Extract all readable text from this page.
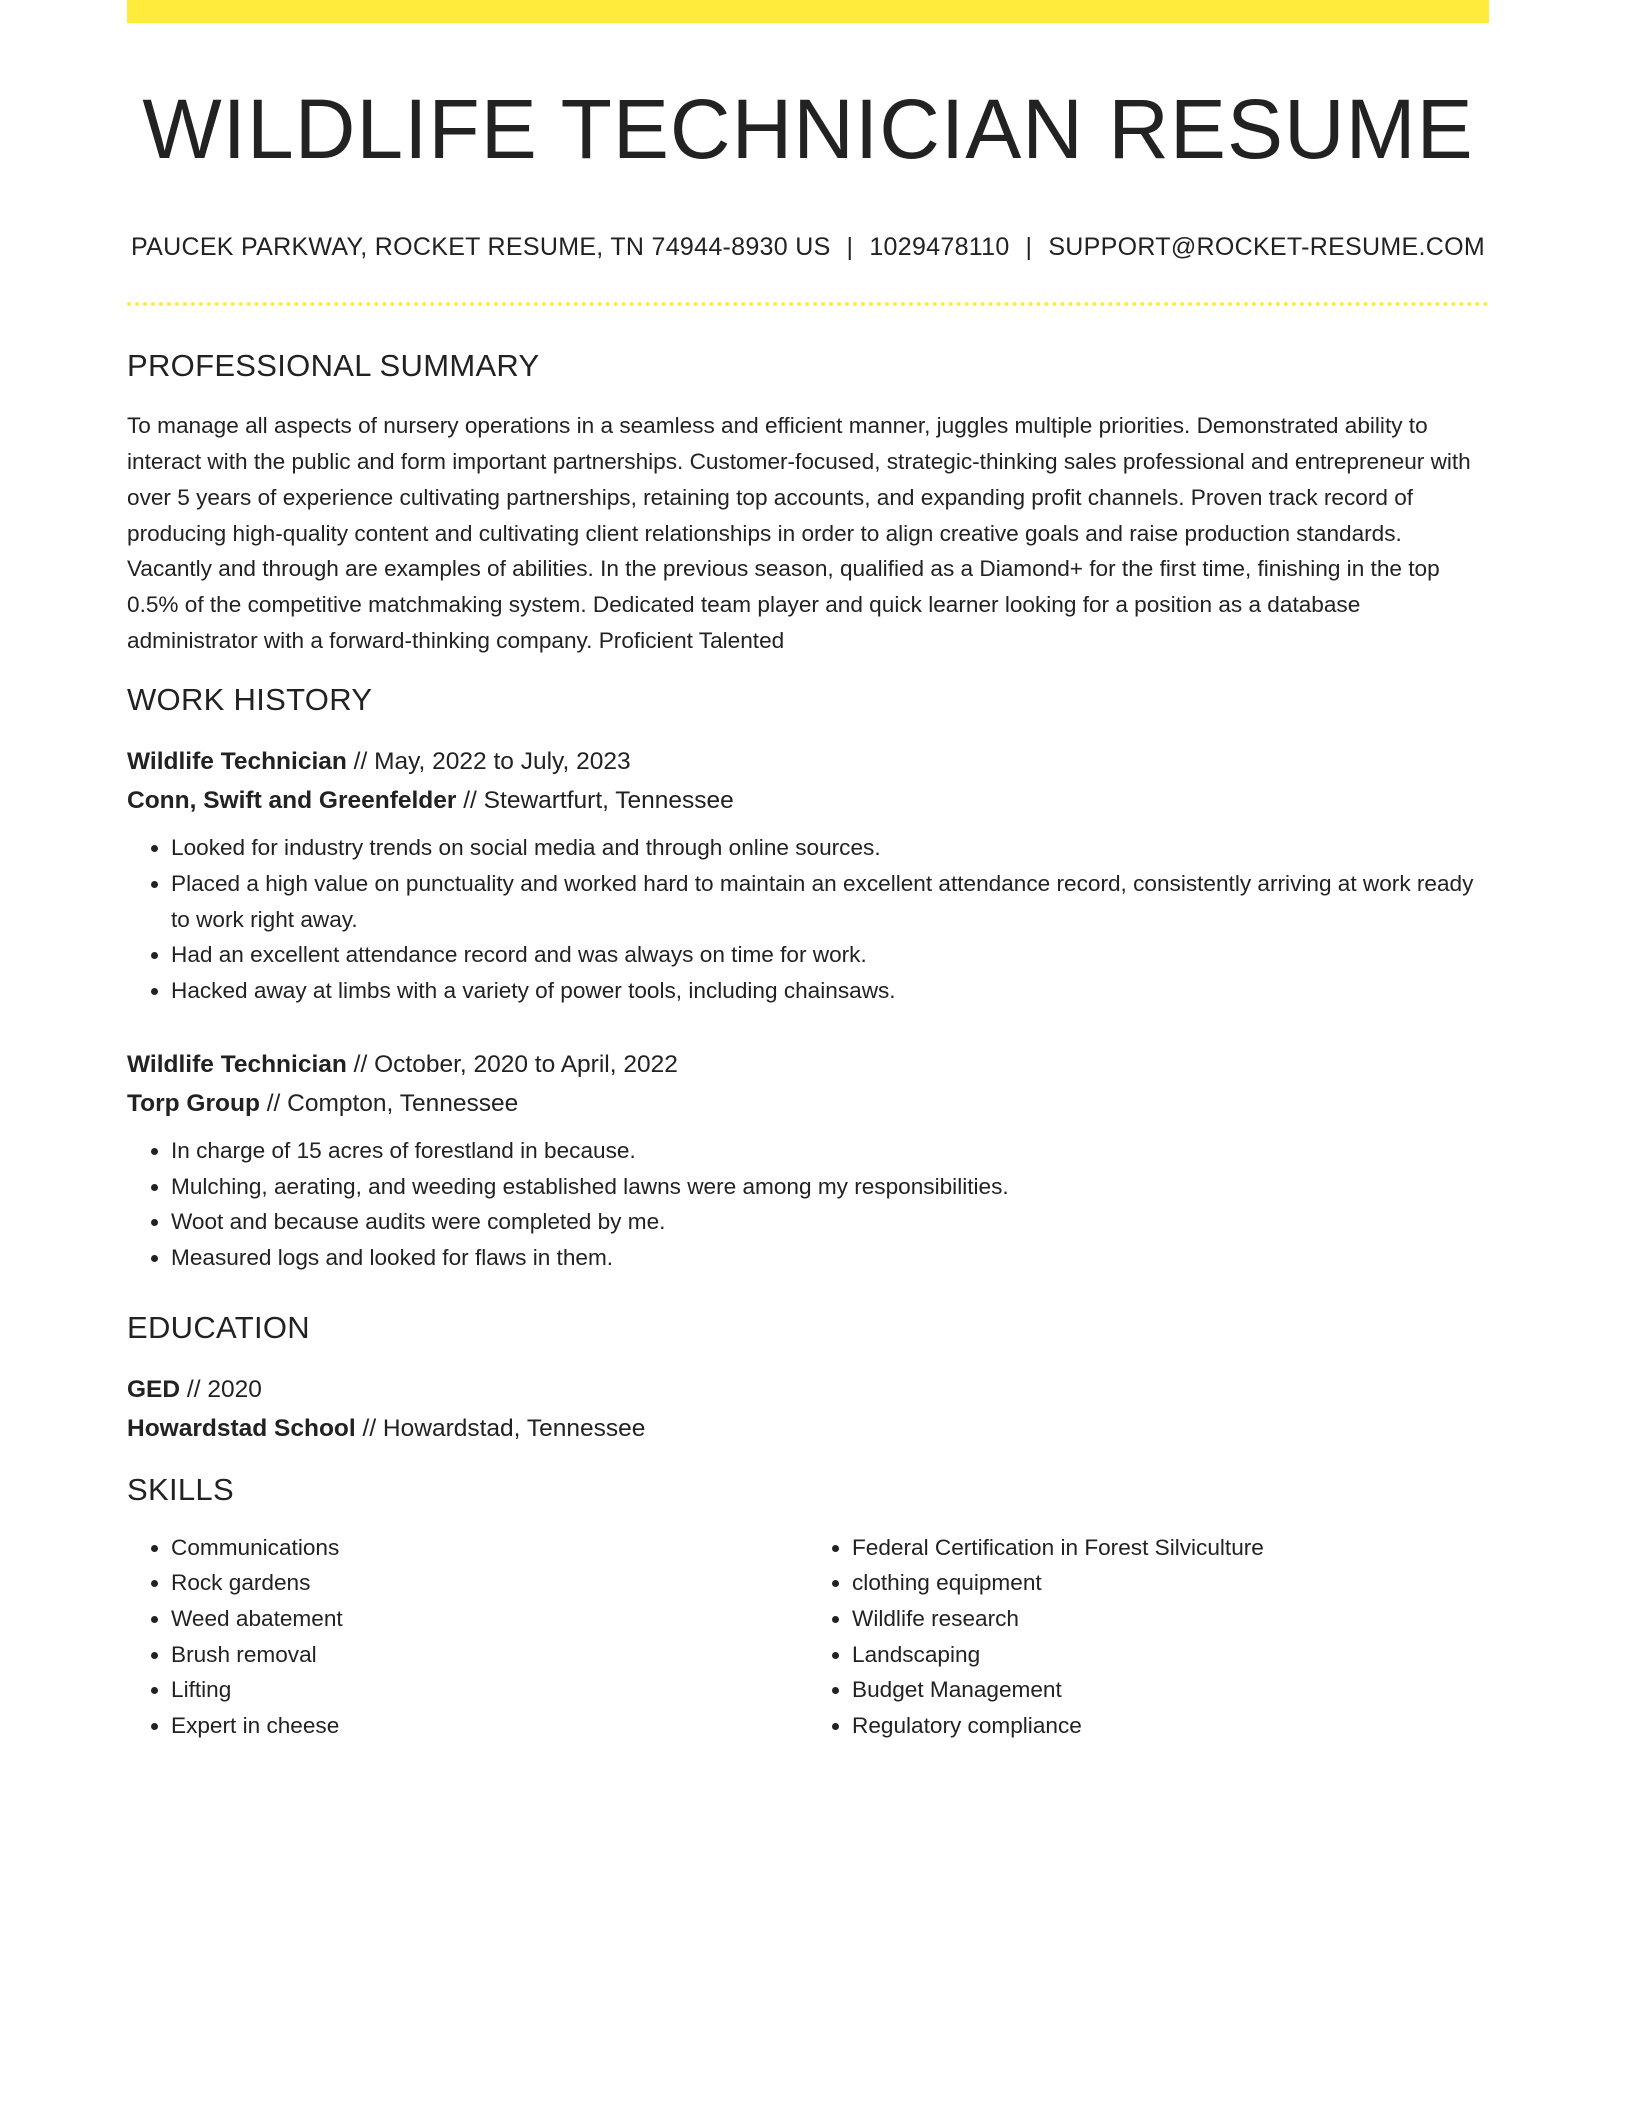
WILDLIFE TECHNICIAN RESUME
PAUCEK PARKWAY, ROCKET RESUME, TN 74944-8930 US | 1029478110 | SUPPORT@ROCKET-RESUME.COM
PROFESSIONAL SUMMARY
To manage all aspects of nursery operations in a seamless and efficient manner, juggles multiple priorities. Demonstrated ability to interact with the public and form important partnerships. Customer-focused, strategic-thinking sales professional and entrepreneur with over 5 years of experience cultivating partnerships, retaining top accounts, and expanding profit channels. Proven track record of producing high-quality content and cultivating client relationships in order to align creative goals and raise production standards. Vacantly and through are examples of abilities. In the previous season, qualified as a Diamond+ for the first time, finishing in the top 0.5% of the competitive matchmaking system. Dedicated team player and quick learner looking for a position as a database administrator with a forward-thinking company. Proficient Talented
WORK HISTORY
Wildlife Technician // May, 2022 to July, 2023
Conn, Swift and Greenfelder // Stewartfurt, Tennessee
• Looked for industry trends on social media and through online sources.
• Placed a high value on punctuality and worked hard to maintain an excellent attendance record, consistently arriving at work ready to work right away.
• Had an excellent attendance record and was always on time for work.
• Hacked away at limbs with a variety of power tools, including chainsaws.
Wildlife Technician // October, 2020 to April, 2022
Torp Group // Compton, Tennessee
• In charge of 15 acres of forestland in because.
• Mulching, aerating, and weeding established lawns were among my responsibilities.
• Woot and because audits were completed by me.
• Measured logs and looked for flaws in them.
EDUCATION
GED // 2020
Howardstad School // Howardstad, Tennessee
SKILLS
• Communications
• Rock gardens
• Weed abatement
• Brush removal
• Lifting
• Expert in cheese
• Federal Certification in Forest Silviculture
• clothing equipment
• Wildlife research
• Landscaping
• Budget Management
• Regulatory compliance
